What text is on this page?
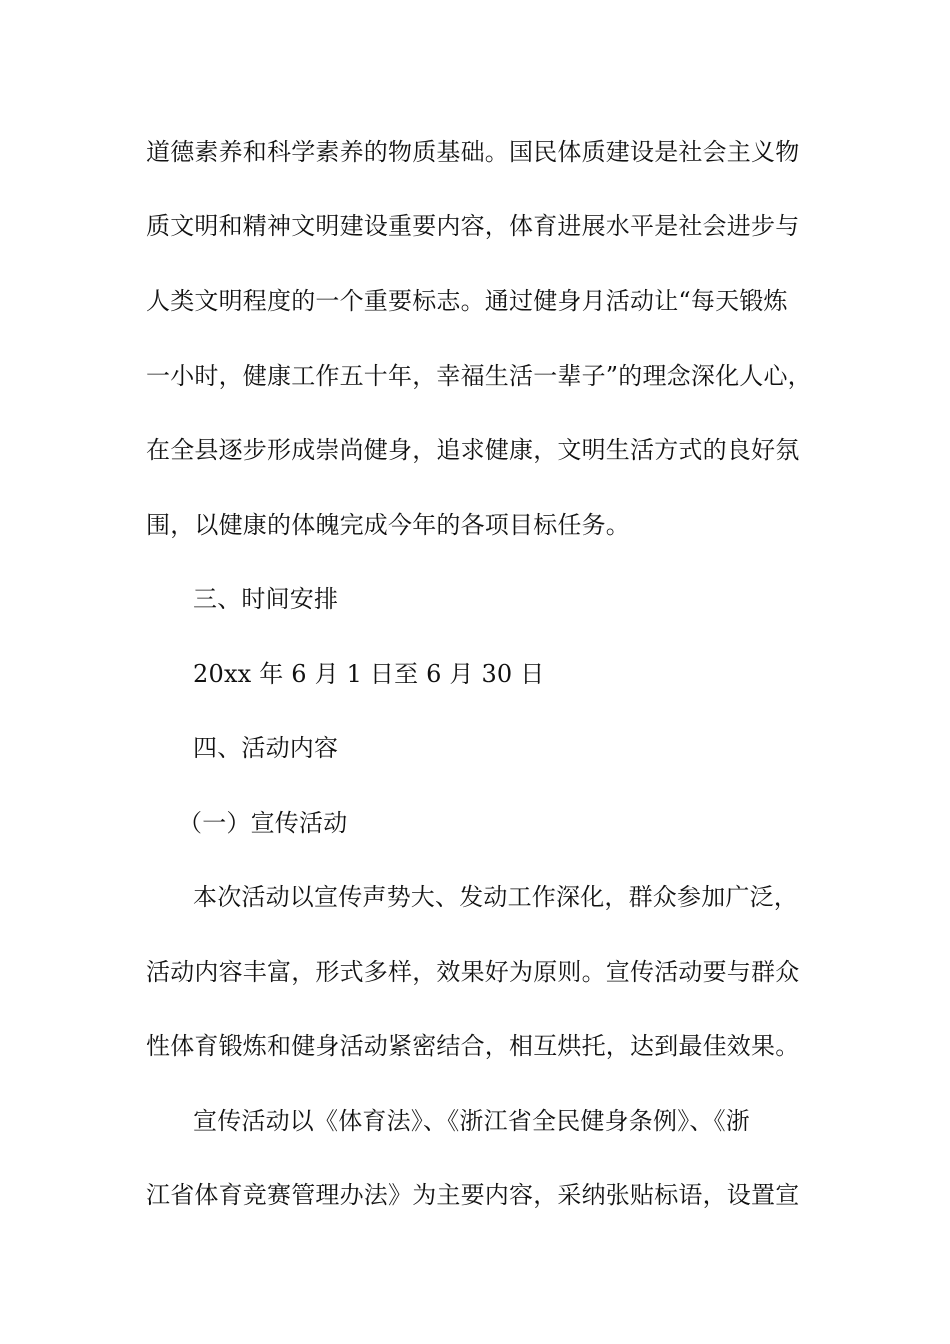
道德素养和科学素养的物质基础。国民体质建设是社会主义物
质文明和精神文明建设重要内容，体育进展水平是社会进步与
人类文明程度的一个重要标志。通过健身月活动让“每天锻炼
一小时，健康工作五十年，幸福生活一辈子”的理念深化人心，
在全县逐步形成崇尚健身，追求健康，文明生活方式的良好氛
围，以健康的体魄完成今年的各项目标任务。
三、时间安排
20xx 年 6 月 1 日至 6 月 30 日
四、活动内容
（一）宣传活动
本次活动以宣传声势大、发动工作深化，群众参加广泛，
活动内容丰富，形式多样，效果好为原则。宣传活动要与群众
性体育锻炼和健身活动紧密结合，相互烘托，达到最佳效果。
宣传活动以《体育法》、《浙江省全民健身条例》、《浙
江省体育竞赛管理办法》为主要内容，采纳张贴标语，设置宣
